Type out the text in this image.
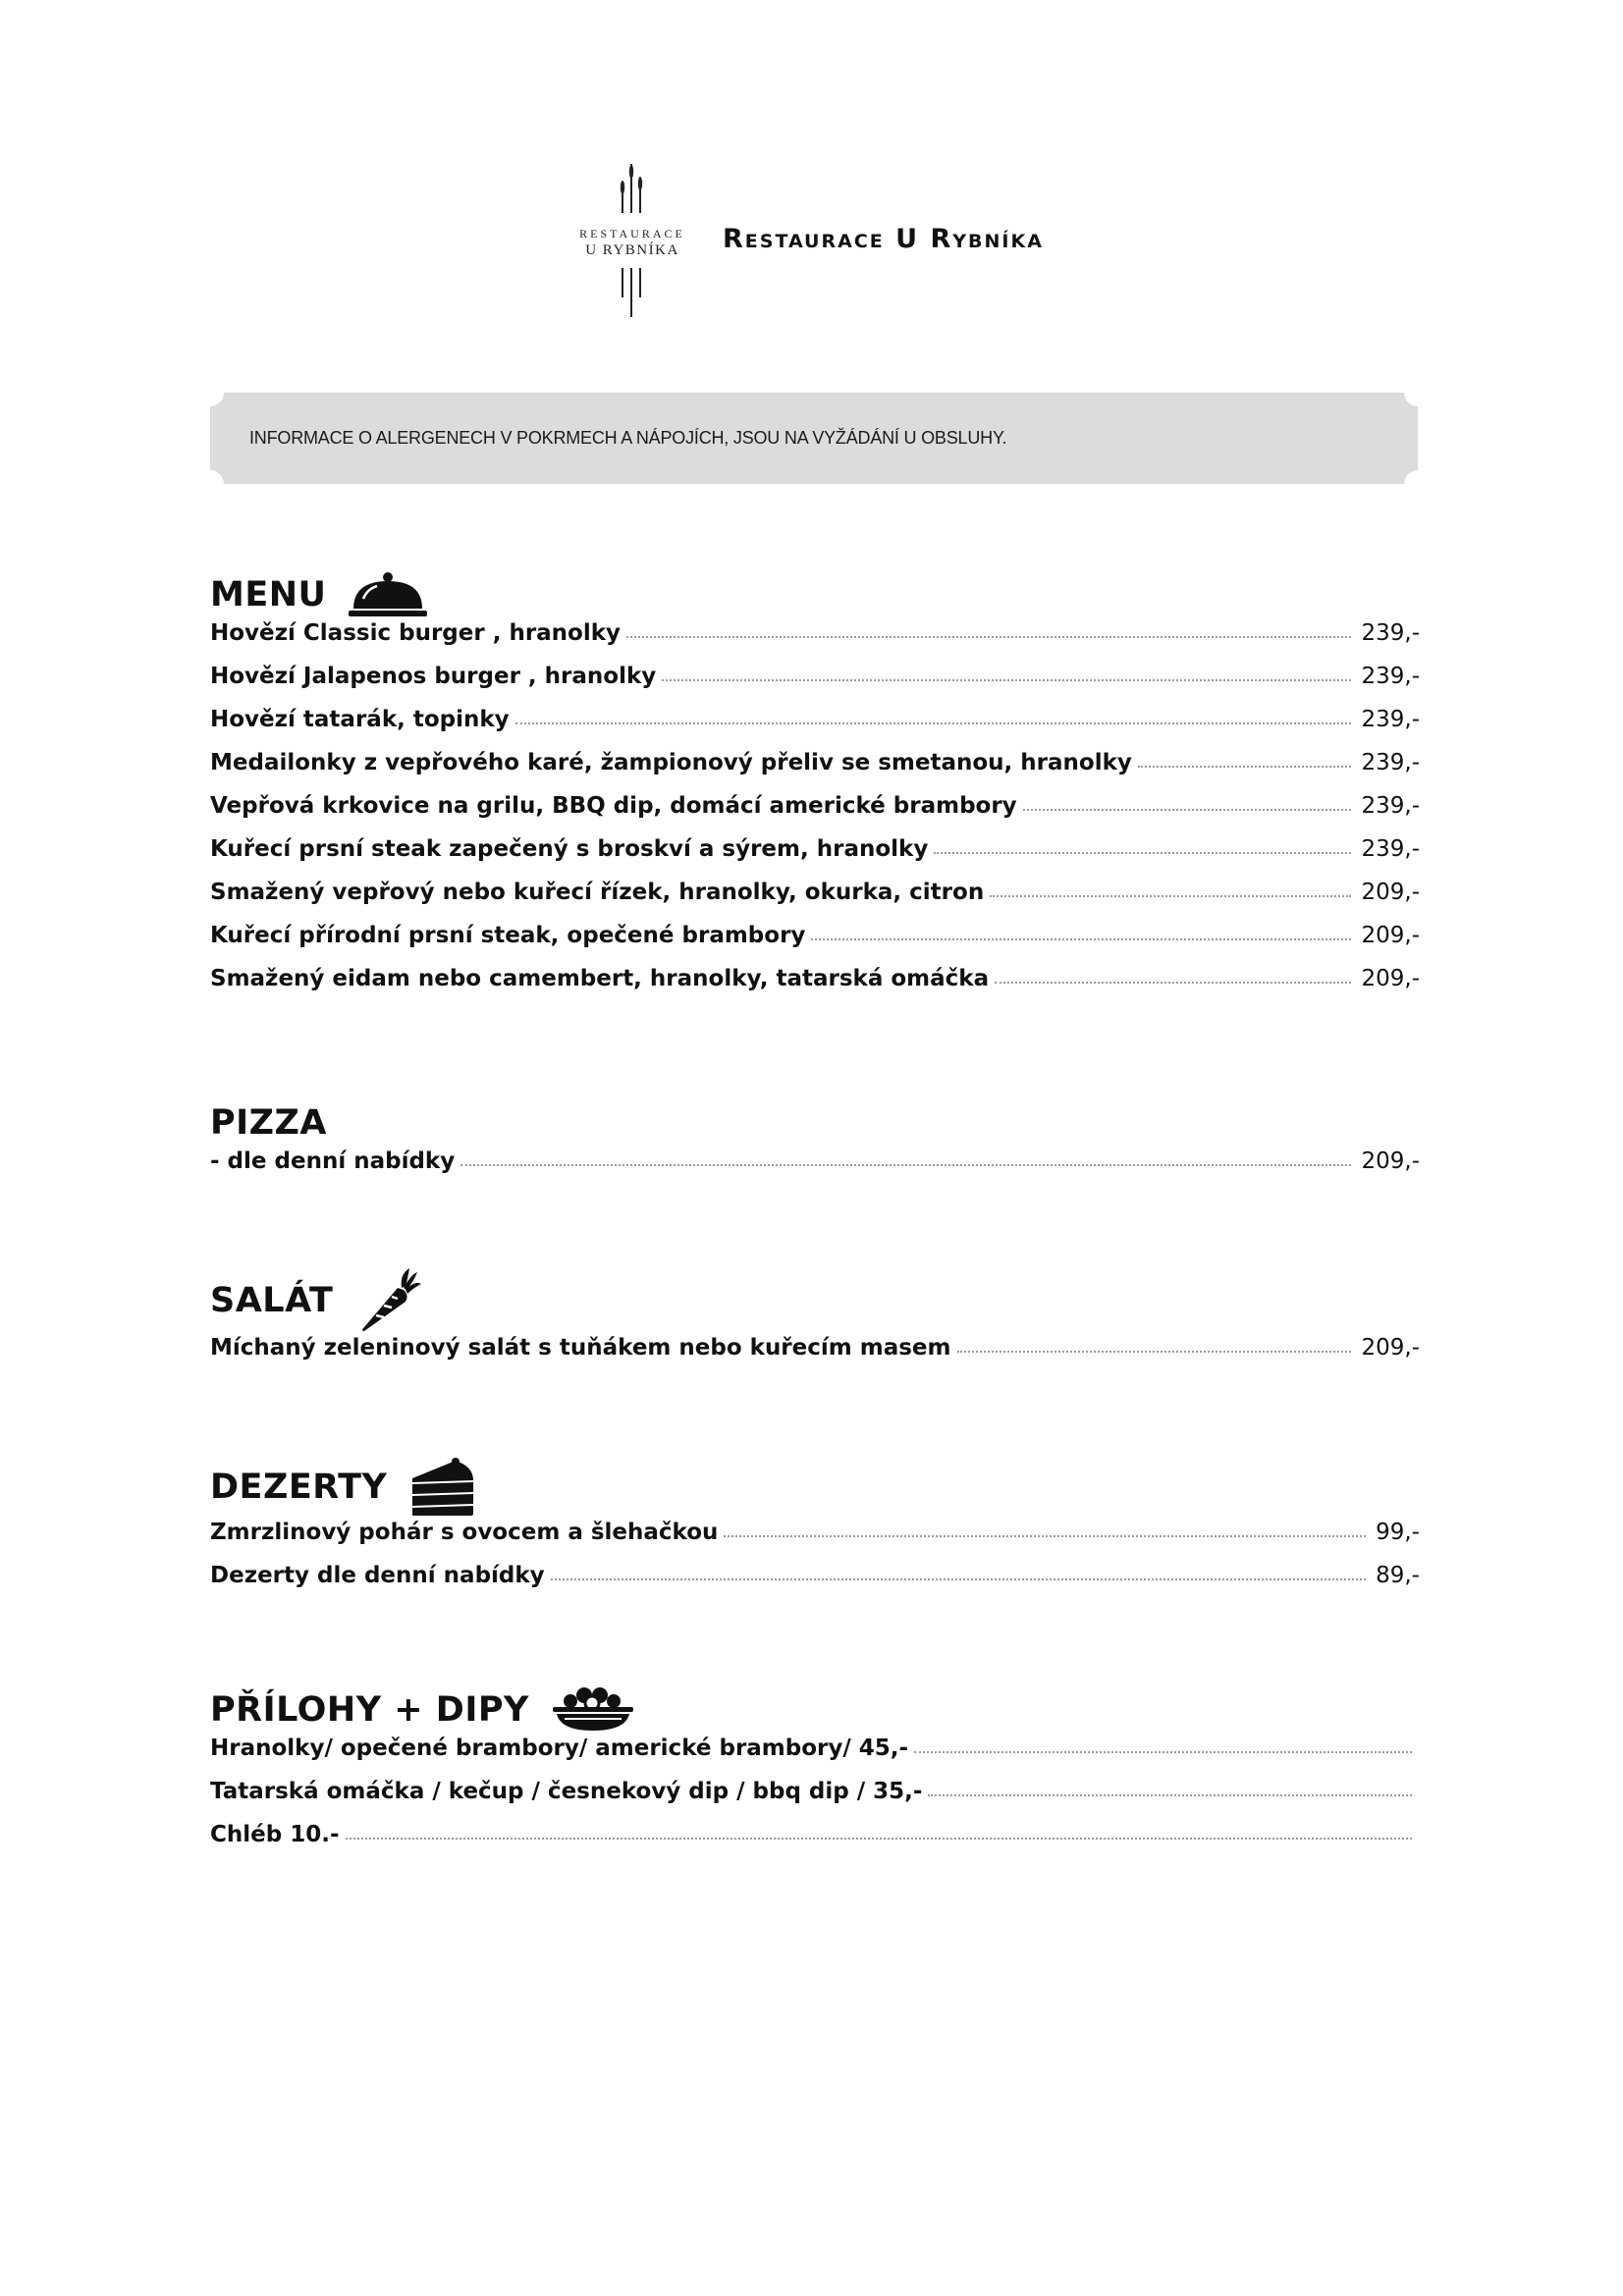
RESTAURACE
U RYBNÍKA	Restaurace U Rybníka
INFORMACE O ALERGENECH V POKRMECH A NÁPOJÍCH, JSOU NA VYŽÁDÁNÍ U OBSLUHY.
MENU
Hovězí Classic burger , hranolky	239,-
Hovězí Jalapenos burger , hranolky	239,-
Hovězí tatarák, topinky	239,-
Medailonky z vepřového karé, žampionový přeliv se smetanou, hranolky	239,-
Vepřová krkovice na grilu, BBQ dip, domácí americké brambory	239,-
Kuřecí prsní steak zapečený s broskví a sýrem, hranolky	239,-
Smažený vepřový nebo kuřecí řízek, hranolky, okurka, citron	209,-
Kuřecí přírodní prsní steak, opečené brambory	209,-
Smažený eidam nebo camembert, hranolky, tatarská omáčka	209,-
PIZZA
- dle denní nabídky	209,-
SALÁT
Míchaný zeleninový salát s tuňákem nebo kuřecím masem	209,-
DEZERTY
Zmrzlinový pohár s ovocem a šlehačkou	99,-
Dezerty dle denní nabídky	89,-
PŘÍLOHY + DIPY
Hranolky/ opečené brambory/ americké brambory/ 45,-
Tatarská omáčka / kečup / česnekový dip / bbq dip / 35,-
Chléb 10.-
